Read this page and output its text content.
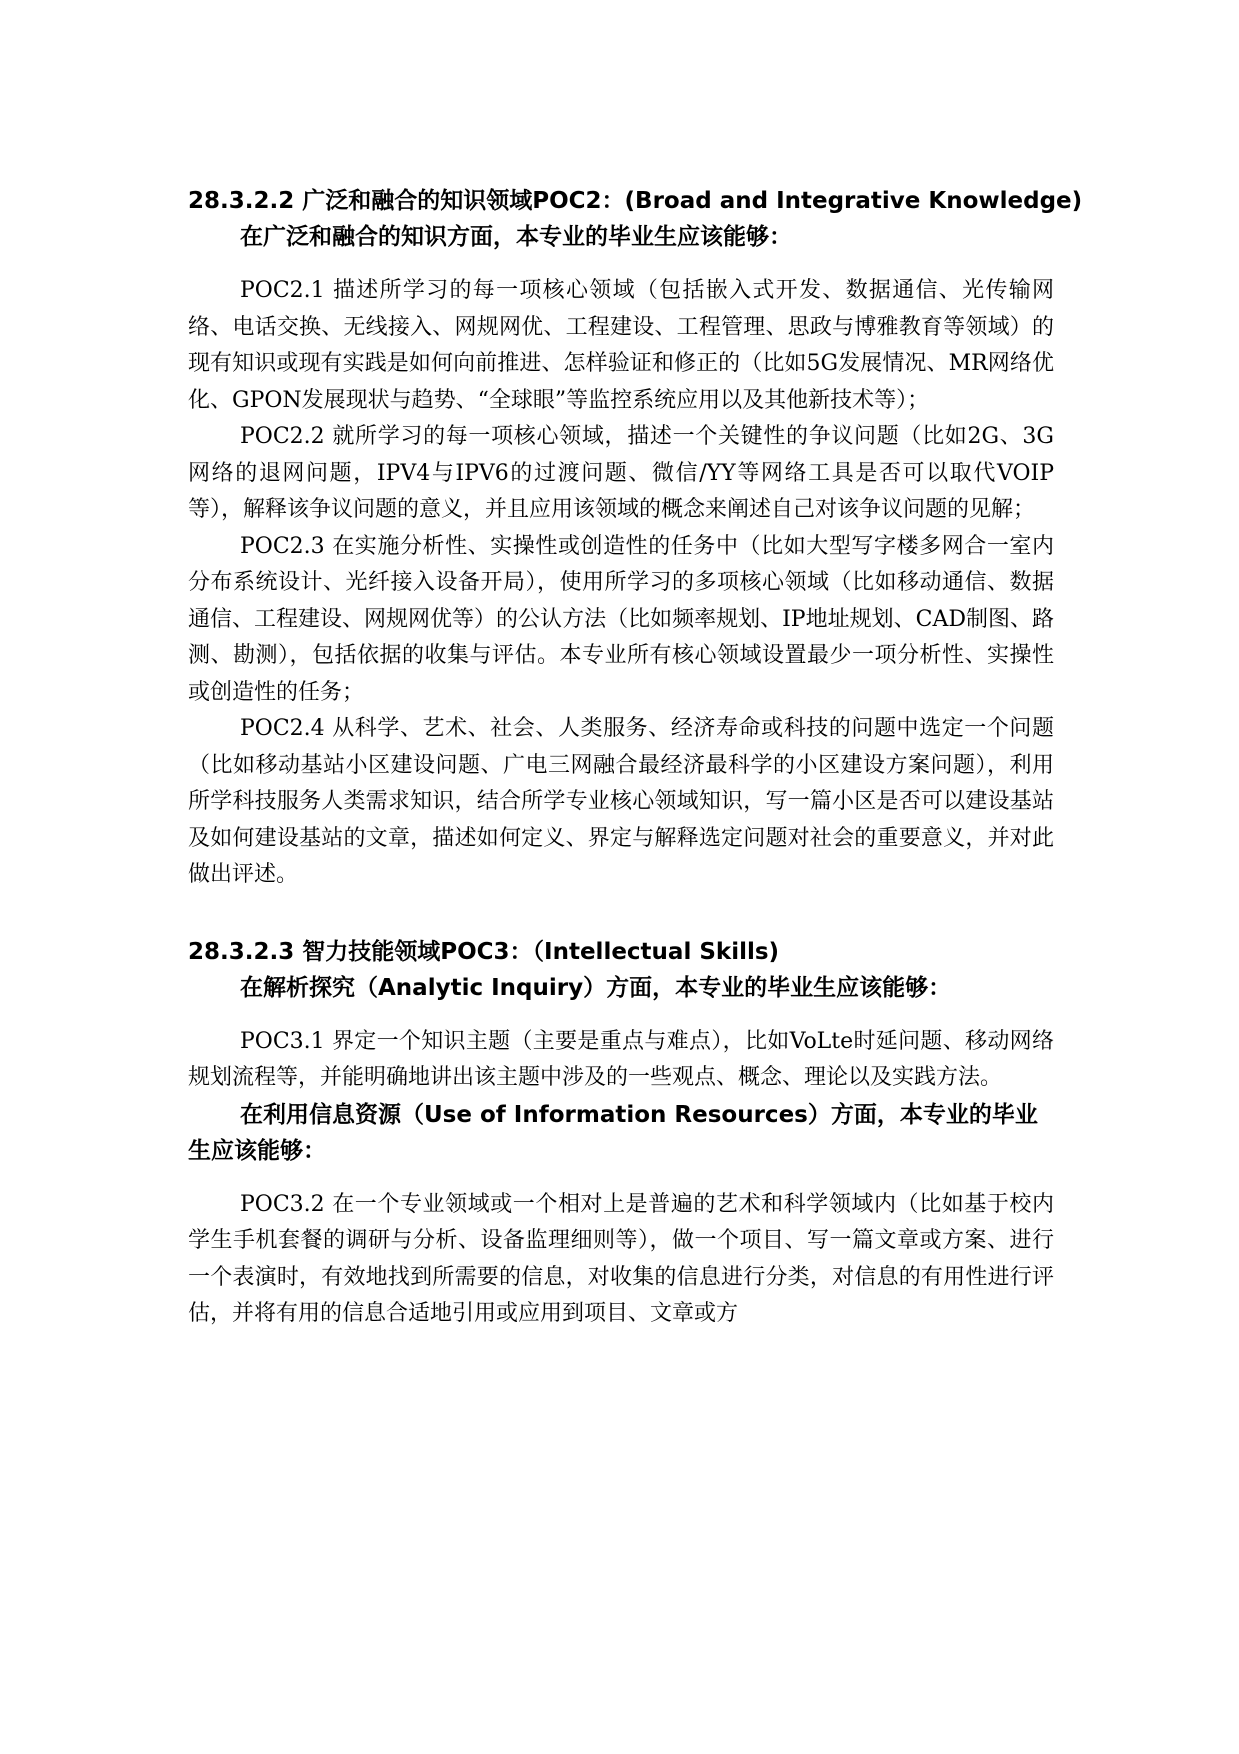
28.3.2.2 广泛和融合的知识领域POC2：(Broad and Integrative Knowledge)

在广泛和融合的知识方面，本专业的毕业生应该能够：

POC2.1 描述所学习的每一项核心领域（包括嵌入式开发、数据通信、光传输网络、电话交换、无线接入、网规网优、工程建设、工程管理、思政与博雅教育等领域）的现有知识或现有实践是如何向前推进、怎样验证和修正的（比如5G发展情况、MR网络优化、GPON发展现状与趋势、“全球眼”等监控系统应用以及其他新技术等）；

POC2.2 就所学习的每一项核心领域，描述一个关键性的争议问题（比如2G、3G网络的退网问题，IPV4与IPV6的过渡问题、微信/YY等网络工具是否可以取代VOIP等），解释该争议问题的意义，并且应用该领域的概念来阐述自己对该争议问题的见解；

POC2.3 在实施分析性、实操性或创造性的任务中（比如大型写字楼多网合一室内分布系统设计、光纤接入设备开局），使用所学习的多项核心领域（比如移动通信、数据通信、工程建设、网规网优等）的公认方法（比如频率规划、IP地址规划、CAD制图、路测、勘测），包括依据的收集与评估。本专业所有核心领域设置最少一项分析性、实操性或创造性的任务；

POC2.4 从科学、艺术、社会、人类服务、经济寿命或科技的问题中选定一个问题（比如移动基站小区建设问题、广电三网融合最经济最科学的小区建设方案问题），利用所学科技服务人类需求知识，结合所学专业核心领域知识，写一篇小区是否可以建设基站及如何建设基站的文章，描述如何定义、界定与解释选定问题对社会的重要意义，并对此做出评述。

28.3.2.3 智力技能领域POC3：（Intellectual Skills)

在解析探究（Analytic Inquiry）方面，本专业的毕业生应该能够：

POC3.1 界定一个知识主题（主要是重点与难点），比如VoLte时延问题、移动网络规划流程等，并能明确地讲出该主题中涉及的一些观点、概念、理论以及实践方法。

在利用信息资源（Use of Information Resources）方面，本专业的毕业生应该能够：

POC3.2 在一个专业领域或一个相对上是普遍的艺术和科学领域内（比如基于校内学生手机套餐的调研与分析、设备监理细则等），做一个项目、写一篇文章或方案、进行一个表演时，有效地找到所需要的信息，对收集的信息进行分类，对信息的有用性进行评估，并将有用的信息合适地引用或应用到项目、文章或方
